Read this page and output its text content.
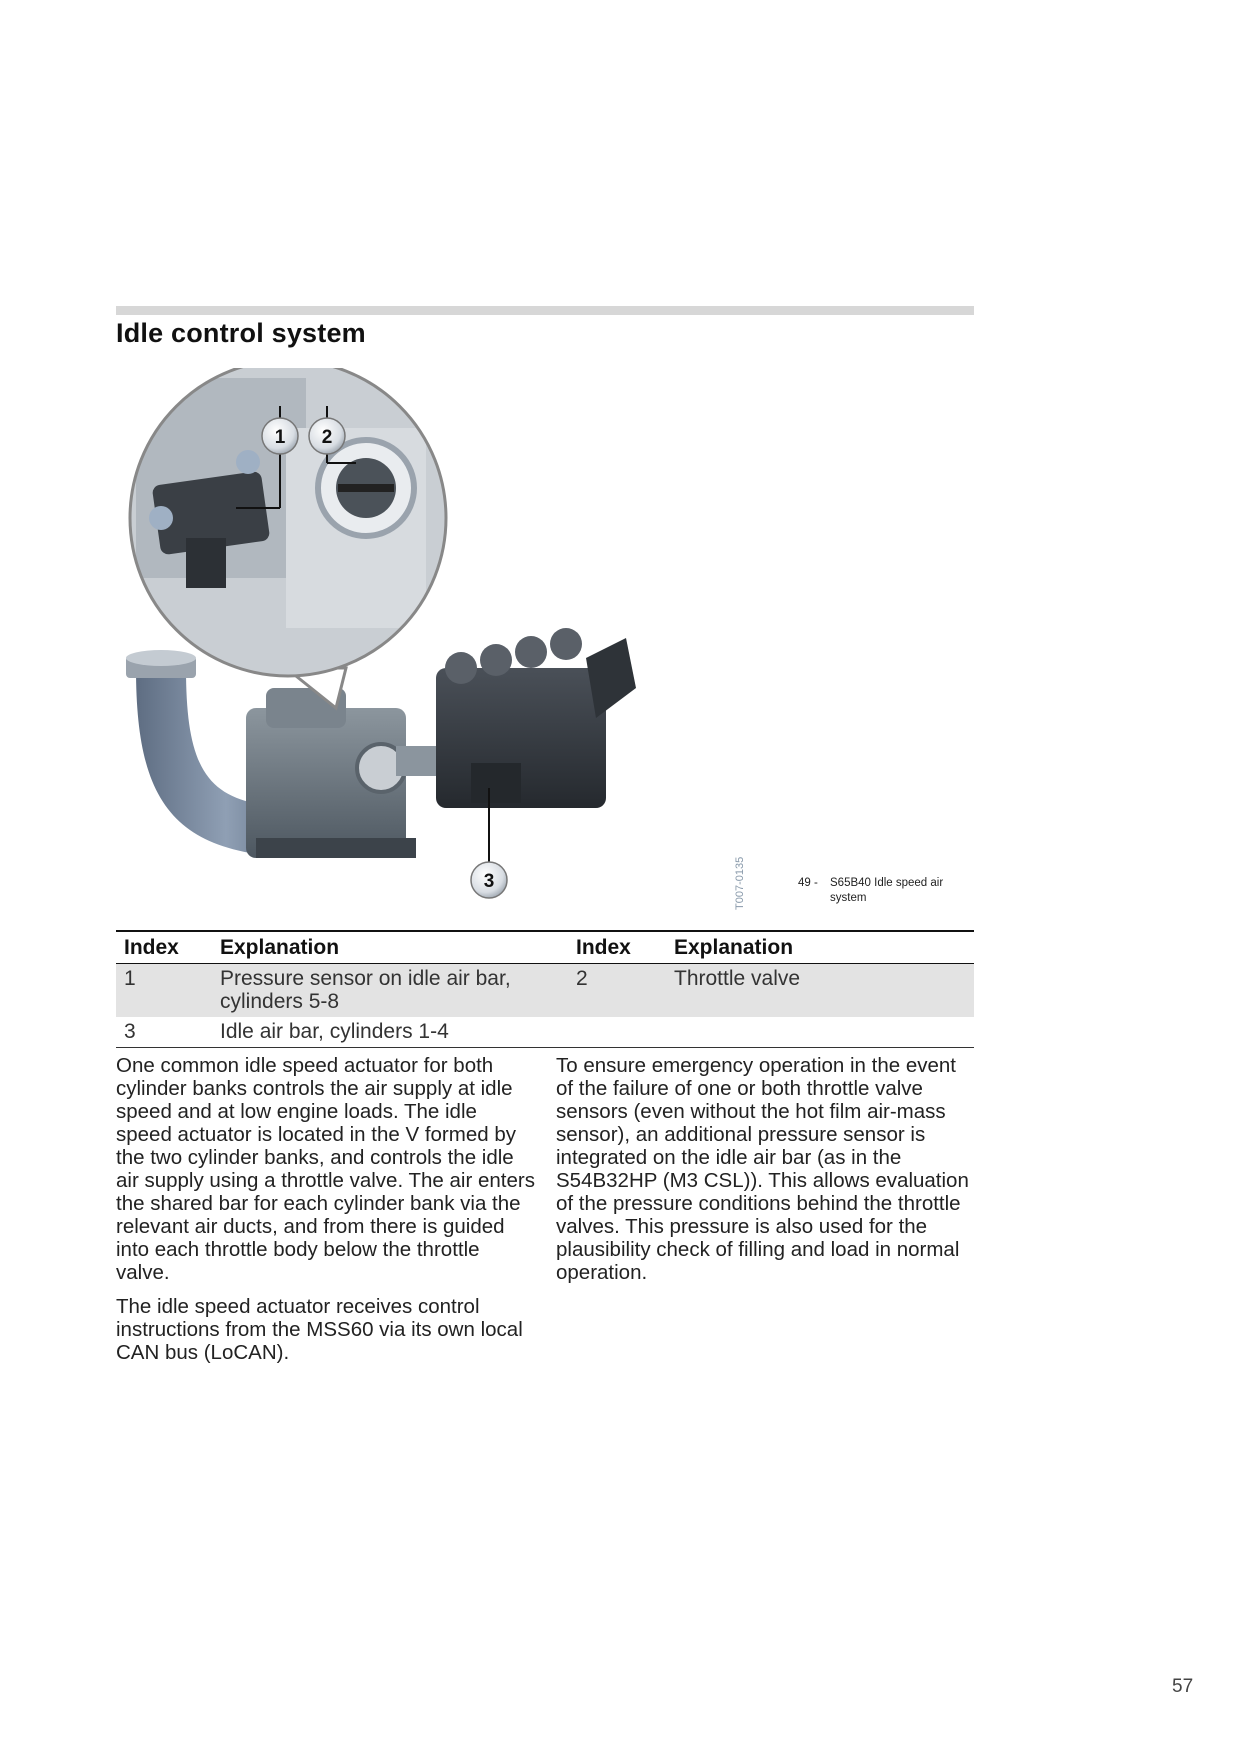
Idle control system
1 2
3	T007-0135	49 - S65B40 Idle speed air system
Index	Explanation	Index	Explanation
1	Pressure sensor on idle air bar, cylinders 5-8	2	Throttle valve
3	Idle air bar, cylinders 1-4		

One common idle speed actuator for both cylinder banks controls the air supply at idle speed and at low engine loads. The idle speed actuator is located in the V formed by the two cylinder banks, and controls the idle air supply using a throttle valve. The air enters the shared bar for each cylinder bank via the relevant air ducts, and from there is guided into each throttle body below the throttle valve.

The idle speed actuator receives control instructions from the MSS60 via its own local CAN bus (LoCAN).

To ensure emergency operation in the event of the failure of one or both throttle valve sensors (even without the hot film air-mass sensor), an additional pressure sensor is integrated on the idle air bar (as in the S54B32HP (M3 CSL)). This allows evaluation of the pressure conditions behind the throttle valves. This pressure is also used for the plausibility check of filling and load in normal operation.

57
